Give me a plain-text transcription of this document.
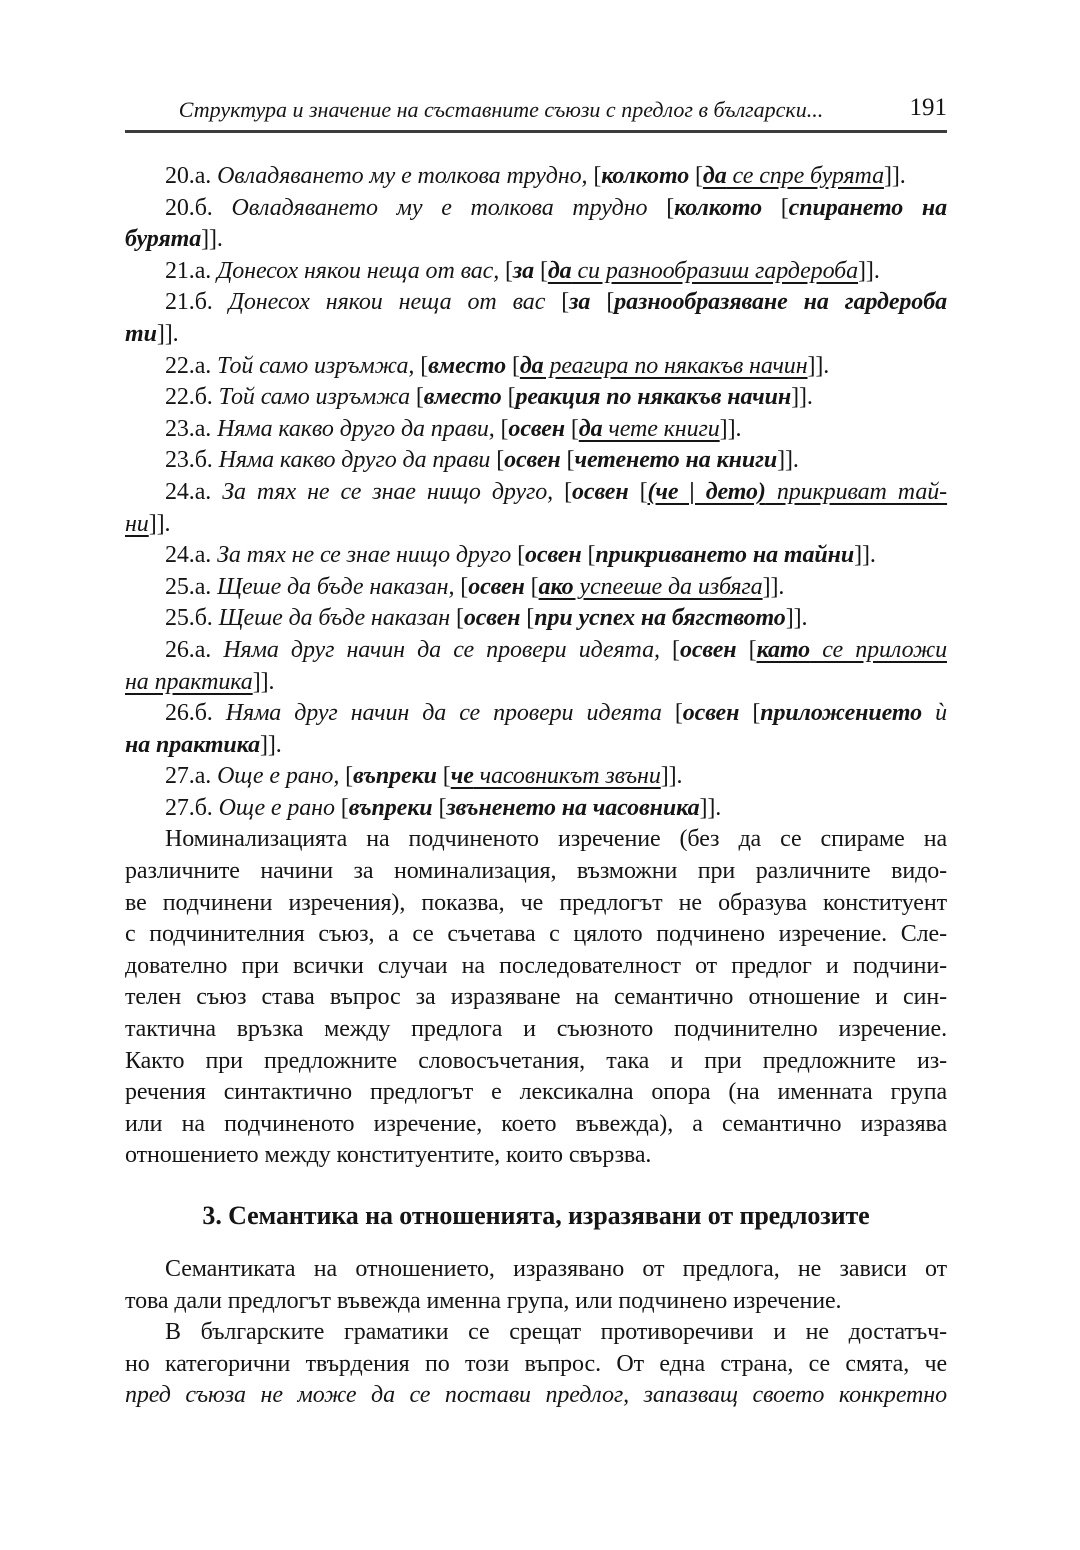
Структура и значение на съставните съюзи с предлог в български...	191
20.а. Овладяването му е толкова трудно, [колкото [да се спре бурята]].
20.б. Овладяването му е толкова трудно [колкото [спирането на
бурята]].
21.а. Донесох някои неща от вас, [за [да си разнообразиш гардероба]].
21.б. Донесох някои неща от вас [за [разнообразяване на гардероба
ти]].
22.а. Той само изръмжа, [вместо [да реагира по някакъв начин]].
22.б. Той само изръмжа [вместо [реакция по някакъв начин]].
23.а. Няма какво друго да прави, [освен [да чете книги]].
23.б. Няма какво друго да прави [освен [четенето на книги]].
24.а. За тях не се знае нищо друго, [освен [(че | дето) прикриват тай-
ни]].
24.а. За тях не се знае нищо друго [освен [прикриването на тайни]].
25.а. Щеше да бъде наказан, [освен [ако успееше да избяга]].
25.б. Щеше да бъде наказан [освен [при успех на бягството]].
26.а. Няма друг начин да се провери идеята, [освен [като се приложи
на практика]].
26.б. Няма друг начин да се провери идеята [освен [приложението ѝ
на практика]].
27.а. Още е рано, [въпреки [че часовникът звъни]].
27.б. Още е рано [въпреки [звъненето на часовника]].
Номинализацията на подчиненото изречение (без да се спираме на
различните начини за номинализация, възможни при различните видо-
ве подчинени изречения), показва, че предлогът не образува конституент
с подчинителния съюз, а се съчетава с цялото подчинено изречение. Сле-
дователно при всички случаи на последователност от предлог и подчини-
телен съюз става въпрос за изразяване на семантично отношение и син-
тактична връзка между предлога и съюзното подчинително изречение.
Както при предложните словосъчетания, така и при предложните из-
речения синтактично предлогът е лексикална опора (на именната група
или на подчиненото изречение, което въвежда), а семантично изразява
отношението между конституентите, които свързва.
3. Семантика на отношенията, изразявани от предлозите
Семантиката на отношението, изразявано от предлога, не зависи от
това дали предлогът въвежда именна група, или подчинено изречение.
В българските граматики се срещат противоречиви и не достатъч-
но категорични твърдения по този въпрос. От една страна, се смята, че
пред съюза не може да се постави предлог, запазващ своето конкретно
